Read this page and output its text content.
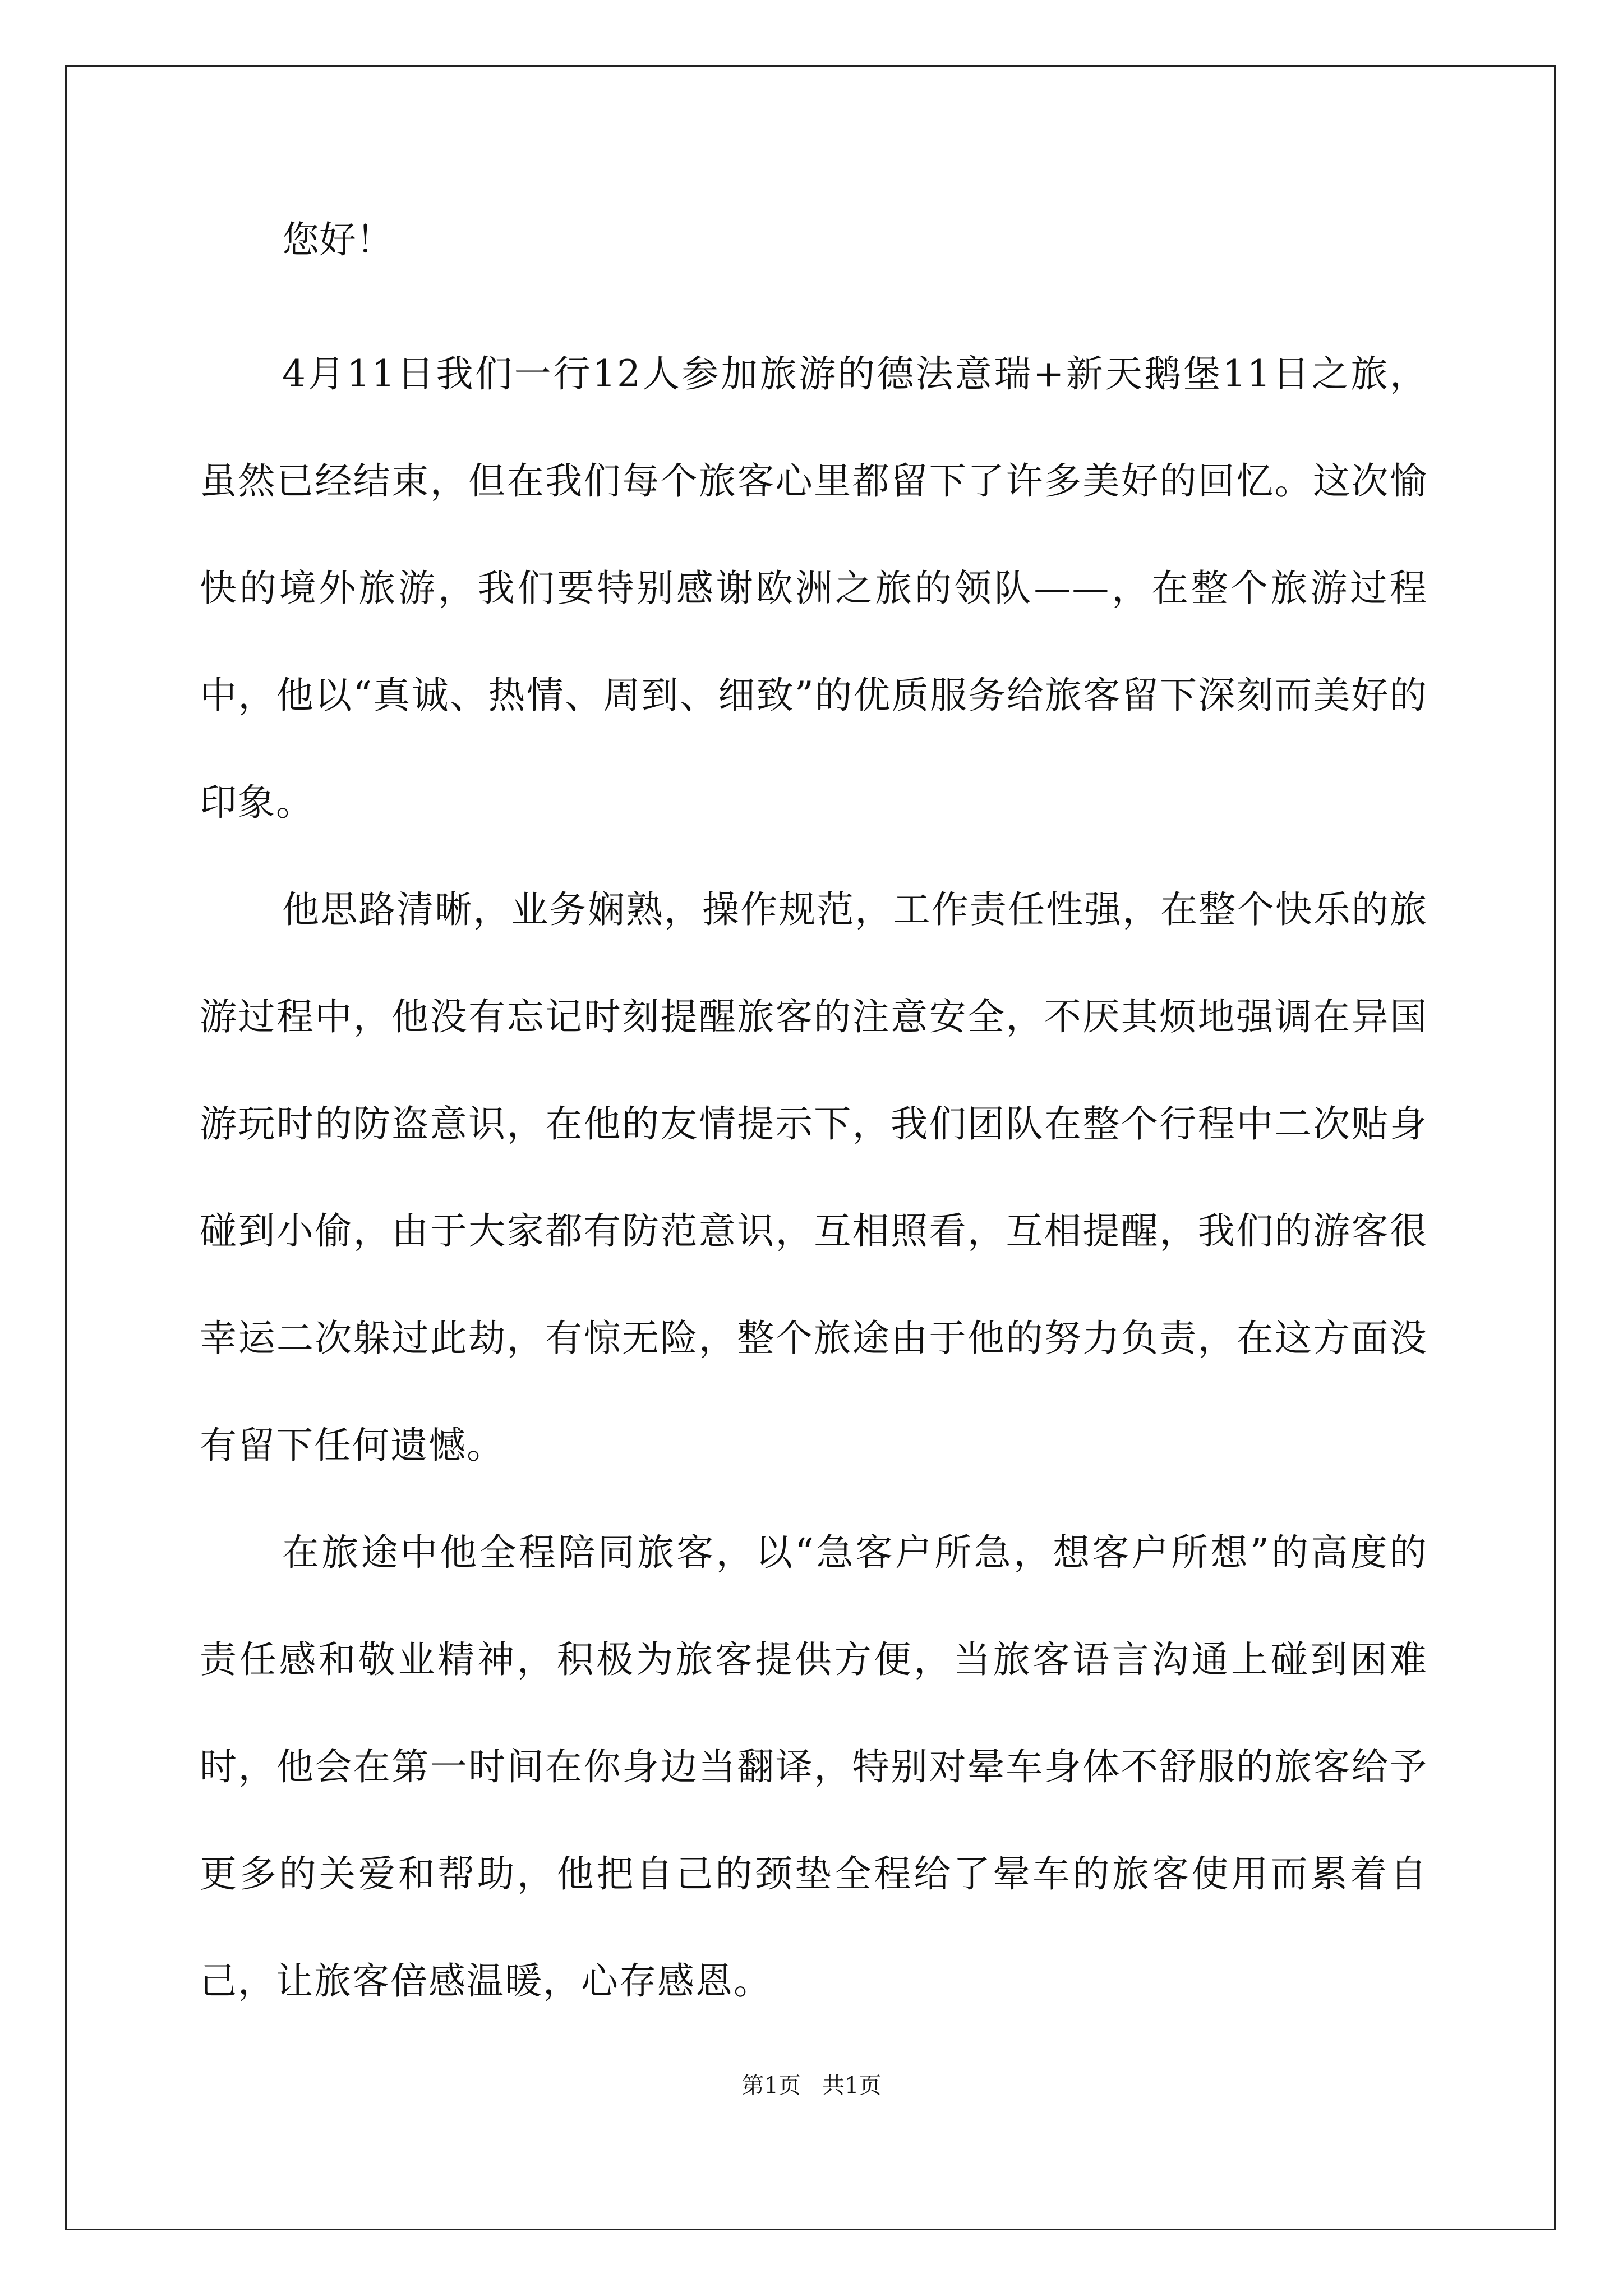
您好！

4月11日我们一行12人参加旅游的德法意瑞+新天鹅堡11日之旅，虽然已经结束，但在我们每个旅客心里都留下了许多美好的回忆。这次愉快的境外旅游，我们要特别感谢欧洲之旅的领队——，在整个旅游过程中，他以“真诚、热情、周到、细致”的优质服务给旅客留下深刻而美好的印象。

他思路清晰，业务娴熟，操作规范，工作责任性强，在整个快乐的旅游过程中，他没有忘记时刻提醒旅客的注意安全，不厌其烦地强调在异国游玩时的防盗意识，在他的友情提示下，我们团队在整个行程中二次贴身碰到小偷，由于大家都有防范意识，互相照看，互相提醒，我们的游客很幸运二次躲过此劫，有惊无险，整个旅途由于他的努力负责，在这方面没有留下任何遗憾。

在旅途中他全程陪同旅客，以“急客户所急，想客户所想”的高度的责任感和敬业精神，积极为旅客提供方便，当旅客语言沟通上碰到困难时，他会在第一时间在你身边当翻译，特别对晕车身体不舒服的旅客给予更多的关爱和帮助，他把自己的颈垫全程给了晕车的旅客使用而累着自己，让旅客倍感温暖，心存感恩。

第1页   共1页
